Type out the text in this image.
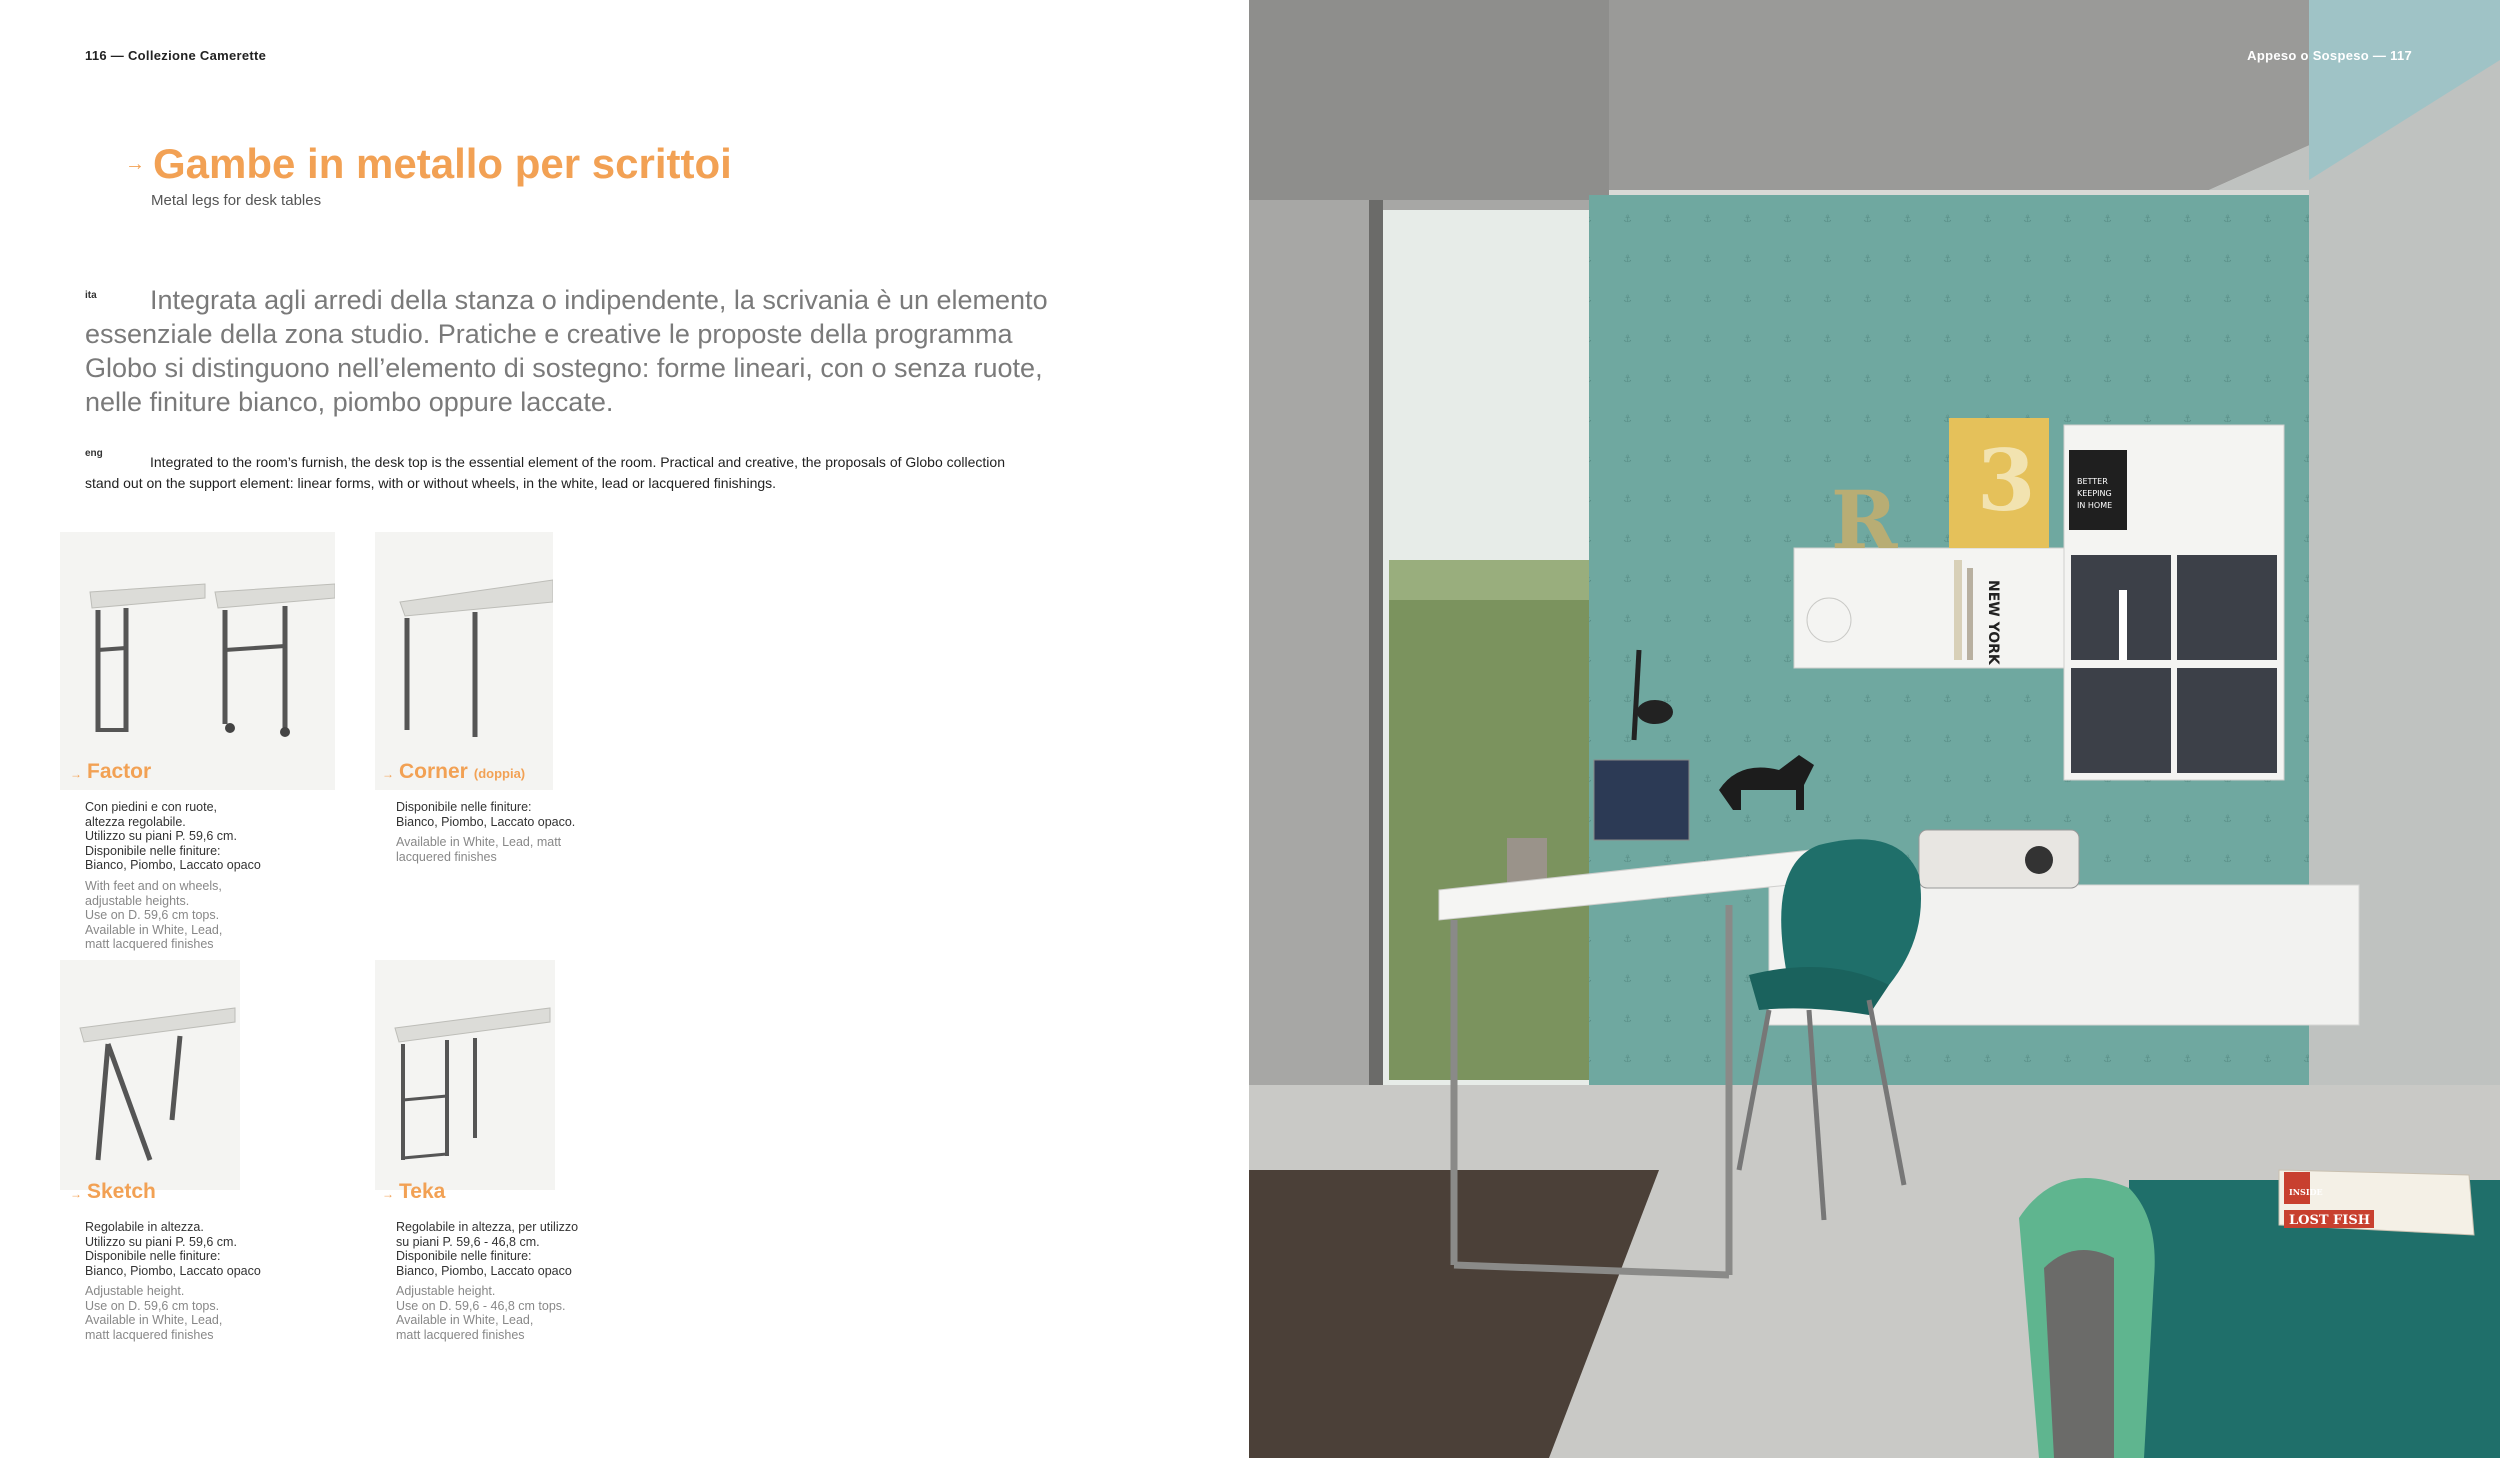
116 — Collezione Camerette
→ Gambe in metallo per scrittoi
Metal legs for desk tables
ita	Integrata agli arredi della stanza o indipendente, la scrivania è un elemento essenziale della zona studio. Pratiche e creative le proposte della programma Globo si distinguono nell’elemento di sostegno: forme lineari, con o senza ruote, nelle finiture bianco, piombo oppure laccate.
eng
Integrated to the room’s furnish, the desk top is the essential element of the room. Practical and creative, the proposals of Globo collection stand out on the support element: linear forms, with or without wheels, in the white, lead or lacquered finishings.
→ Factor
Con piedini e con ruote,
altezza regolabile.
Utilizzo su piani P. 59,6 cm.
Disponibile nelle finiture:
Bianco, Piombo, Laccato opaco
With feet and on wheels,
adjustable heights.
Use on D. 59,6 cm tops.
Available in White, Lead,
matt lacquered finishes
→ Corner (doppia)
Disponibile nelle finiture:
Bianco, Piombo, Laccato opaco.
Available in White, Lead, matt
lacquered finishes
→ Sketch
Regolabile in altezza.
Utilizzo su piani P. 59,6 cm.
Disponibile nelle finiture:
Bianco, Piombo, Laccato opaco
Adjustable height.
Use on D. 59,6 cm tops.
Available in White, Lead,
matt lacquered finishes
→ Teka
Regolabile in altezza, per utilizzo
su piani P. 59,6 - 46,8 cm.
Disponibile nelle finiture:
Bianco, Piombo, Laccato opaco
Adjustable height.
Use on D. 59,6 - 46,8 cm tops.
Available in White, Lead,
matt lacquered finishes
3
R	BETTER
KEEPING
IN HOME
NEW YORK
LOST FISH
INSIDE
Appeso o Sospeso — 117
